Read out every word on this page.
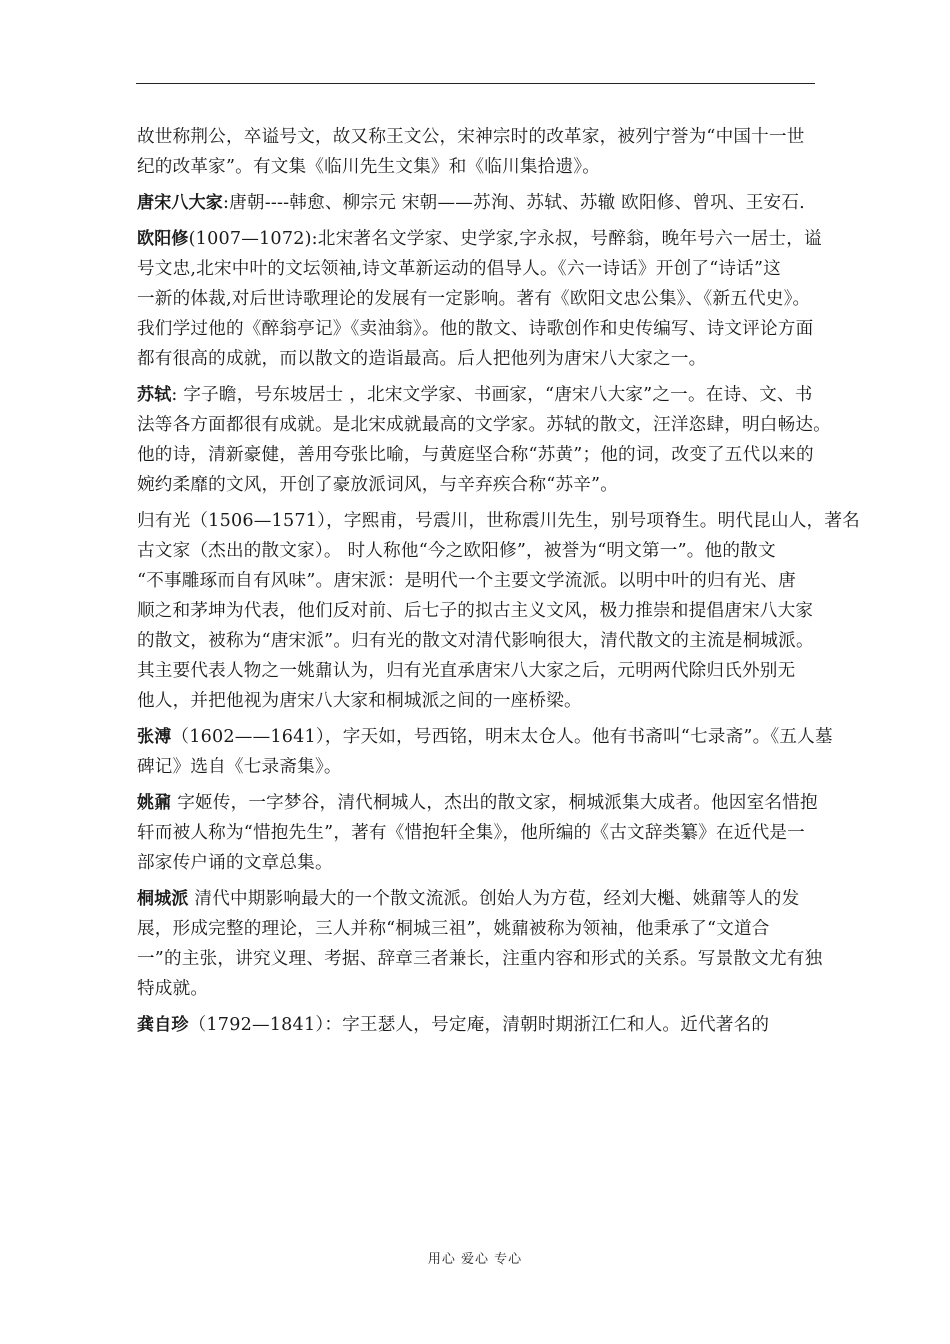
故世称荆公，卒谥号文，故又称王文公，宋神宗时的改革家，被列宁誉为“中国十一世
纪的改革家”。有文集《临川先生文集》和《临川集拾遗》。
唐宋八大家:唐朝----韩愈、柳宗元 宋朝——苏洵、苏轼、苏辙 欧阳修、曾巩、王安石.
欧阳修(1007—1072):北宋著名文学家、史学家,字永叔，号醉翁，晚年号六一居士，谥
号文忠,北宋中叶的文坛领袖,诗文革新运动的倡导人。《六一诗话》开创了“诗话”这
一新的体裁,对后世诗歌理论的发展有一定影响。著有《欧阳文忠公集》、《新五代史》。
我们学过他的《醉翁亭记》《卖油翁》。他的散文、诗歌创作和史传编写、诗文评论方面
都有很高的成就，而以散文的造诣最高。后人把他列为唐宋八大家之一。
苏轼: 字子瞻，号东坡居士 ，北宋文学家、书画家，“唐宋八大家”之一。在诗、文、书
法等各方面都很有成就。是北宋成就最高的文学家。苏轼的散文，汪洋恣肆，明白畅达。
他的诗，清新豪健，善用夸张比喻，与黄庭坚合称“苏黄”；他的词，改变了五代以来的
婉约柔靡的文风，开创了豪放派词风，与辛弃疾合称“苏辛”。
归有光（1506—1571），字熙甫，号震川，世称震川先生，别号项脊生。明代昆山人，著名
古文家（杰出的散文家）。 时人称他“今之欧阳修”，被誉为“明文第一”。他的散文
“不事雕琢而自有风味”。唐宋派：是明代一个主要文学流派。以明中叶的归有光、唐
顺之和茅坤为代表，他们反对前、后七子的拟古主义文风，极力推崇和提倡唐宋八大家
的散文，被称为“唐宋派”。归有光的散文对清代影响很大，清代散文的主流是桐城派。
其主要代表人物之一姚鼐认为，归有光直承唐宋八大家之后，元明两代除归氏外别无
他人，并把他视为唐宋八大家和桐城派之间的一座桥梁。
张溥（1602——1641），字天如，号西铭，明末太仓人。他有书斋叫“七录斋”。《五人墓
碑记》选自《七录斋集》。
姚鼐 字姬传，一字梦谷，清代桐城人，杰出的散文家，桐城派集大成者。他因室名惜抱
轩而被人称为“惜抱先生”，著有《惜抱轩全集》，他所编的《古文辞类纂》在近代是一
部家传户诵的文章总集。
桐城派 清代中期影响最大的一个散文流派。创始人为方苞，经刘大櫆、姚鼐等人的发
展，形成完整的理论，三人并称“桐城三祖”，姚鼐被称为领袖，他秉承了“文道合
一”的主张，讲究义理、考据、辞章三者兼长，注重内容和形式的关系。写景散文尤有独
特成就。
龚自珍（1792—1841）：字王瑟人，号定庵，清朝时期浙江仁和人。近代著名的
用心 爱心 专心
